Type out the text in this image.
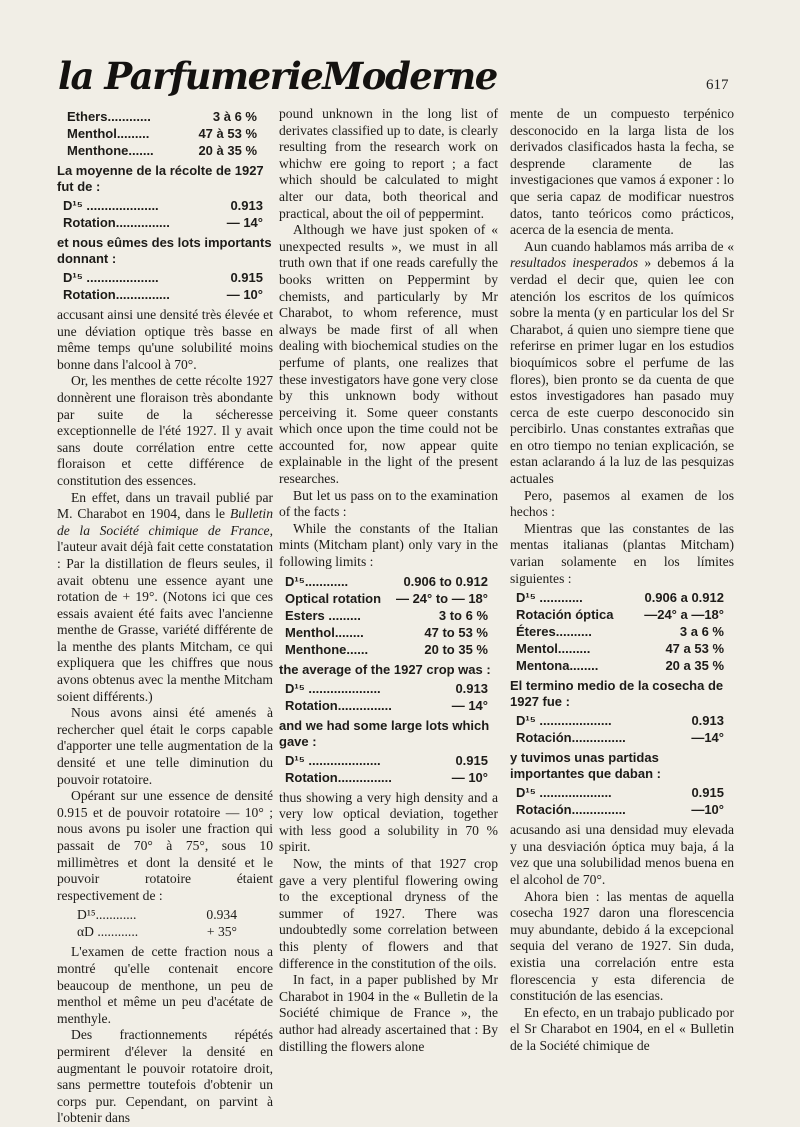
la ParfumerieModerne	617
Ethers............	3 à 6 %
Menthol.........	47 à 53 %
Menthone.......	20 à 35 %
La moyenne de la récolte de 1927 fut de :
D¹⁵ ....................	0.913
Rotation...............	— 14°
et nous eûmes des lots importants donnant :
D¹⁵ ....................	0.915
Rotation...............	— 10°

accusant ainsi une densité très élevée et une déviation optique très basse en même temps qu'une solubilité moins bonne dans l'alcool à 70°.

Or, les menthes de cette récolte 1927 donnèrent une floraison très abondante par suite de la sécheresse exceptionnelle de l'été 1927. Il y avait sans doute corrélation entre cette floraison et cette différence de constitution des essences.

En effet, dans un travail publié par M. Charabot en 1904, dans le Bulletin de la Société chimique de France, l'auteur avait déjà fait cette constatation : Par la distillation de fleurs seules, il avait obtenu une essence ayant une rotation de + 19°. (Notons ici que ces essais avaient été faits avec l'ancienne menthe de Grasse, variété différente de la menthe des plants Mitcham, ce qui expliquera que les chiffres que nous avons obtenus avec la menthe Mitcham soient différents.)

Nous avons ainsi été amenés à rechercher quel était le corps capable d'apporter une telle augmentation de la densité et une telle diminution du pouvoir rotatoire.

Opérant sur une essence de densité 0.915 et de pouvoir rotatoire — 10° ; nous avons pu isoler une fraction qui passait de 70° à 75°, sous 10 millimètres et dont la densité et le pouvoir rotatoire étaient respectivement de :

D¹⁵............	0.934
αD ............	+ 35°

L'examen de cette fraction nous a montré qu'elle contenait encore beaucoup de menthone, un peu de menthol et même un peu d'acétate de menthyle.

Des fractionnements répétés permirent d'élever la densité en augmentant le pouvoir rotatoire droit, sans permettre toutefois d'obtenir un corps pur. Cependant, on parvint à l'obtenir dans

pound unknown in the long list of derivates classified up to date, is clearly resulting from the research work on whichw ere going to report ; a fact which should be calculated to might alter our data, both theorical and practical, about the oil of peppermint.

Although we have just spoken of « unexpected results », we must in all truth own that if one reads carefully the books written on Peppermint by chemists, and particularly by Mr Charabot, to whom reference, must always be made first of all when dealing with biochemical studies on the perfume of plants, one realizes that these investigators have gone very close by this unknown body without perceiving it. Some queer constants which once upon the time could not be accounted for, now appear quite explainable in the light of the present researches.

But let us pass on to the examination of the facts :

While the constants of the Italian mints (Mitcham plant) only vary in the following limits :

D¹⁵............	0.906 to 0.912
Optical rotation	— 24° to — 18°
Esters .........	3 to 6 %
Menthol........	47 to 53 %
Menthone......	20 to 35 %
the average of the 1927 crop was :
D¹⁵ ....................	0.913
Rotation...............	— 14°
and we had some large lots which gave :
D¹⁵ ....................	0.915
Rotation...............	— 10°

thus showing a very high density and a very low optical deviation, together with less good a solubility in 70 % spirit.

Now, the mints of that 1927 crop gave a very plentiful flowering owing to the exceptional dryness of the summer of 1927. There was undoubtedly some correlation between this plenty of flowers and that difference in the constitution of the oils.

In fact, in a paper published by Mr Charabot in 1904 in the « Bulletin de la Société chimique de France », the author had already ascertained that : By distilling the flowers alone

mente de un compuesto terpénico desconocido en la larga lista de los derivados clasificados hasta la fecha, se desprende claramente de las investigaciones que vamos á exponer : lo que seria capaz de modificar nuestros datos, tanto teóricos como prácticos, acerca de la esencia de menta.

Aun cuando hablamos más arriba de « resultados inesperados » debemos á la verdad el decir que, quien lee con atención los escritos de los químicos sobre la menta (y en particular los del Sr Charabot, á quien uno siempre tiene que referirse en primer lugar en los estudios bioquímicos sobre el perfume de las flores), bien pronto se da cuenta de que estos investigadores han pasado muy cerca de este cuerpo desconocido sin percibirlo. Unas constantes extrañas que en otro tiempo no tenian explicación, se estan aclarando á la luz de las pesquizas actuales

Pero, pasemos al examen de los hechos :

Mientras que las constantes de las mentas italianas (plantas Mitcham) varian solamente en los límites siguientes :

D¹⁵ ............	0.906 a 0.912
Rotación óptica	—24° a —18°
Éteres..........	3 a 6 %
Mentol.........	47 a 53 %
Mentona........	20 a 35 %
El termino medio de la cosecha de 1927 fue :
D¹⁵ ....................	0.913
Rotación...............	—14°
y tuvimos unas partidas importantes que daban :
D¹⁵ ....................	0.915
Rotación...............	—10°

acusando asi una densidad muy elevada y una desviación óptica muy baja, á la vez que una solubilidad menos buena en el alcohol de 70°.

Ahora bien : las mentas de aquella cosecha 1927 daron una florescencia muy abundante, debido á la excepcional sequia del verano de 1927. Sin duda, existia una correlación entre esta florescencia y esta diferencia de constitución de las esencias.

En efecto, en un trabajo publicado por el Sr Charabot en 1904, en el « Bulletin de la Société chimique de
